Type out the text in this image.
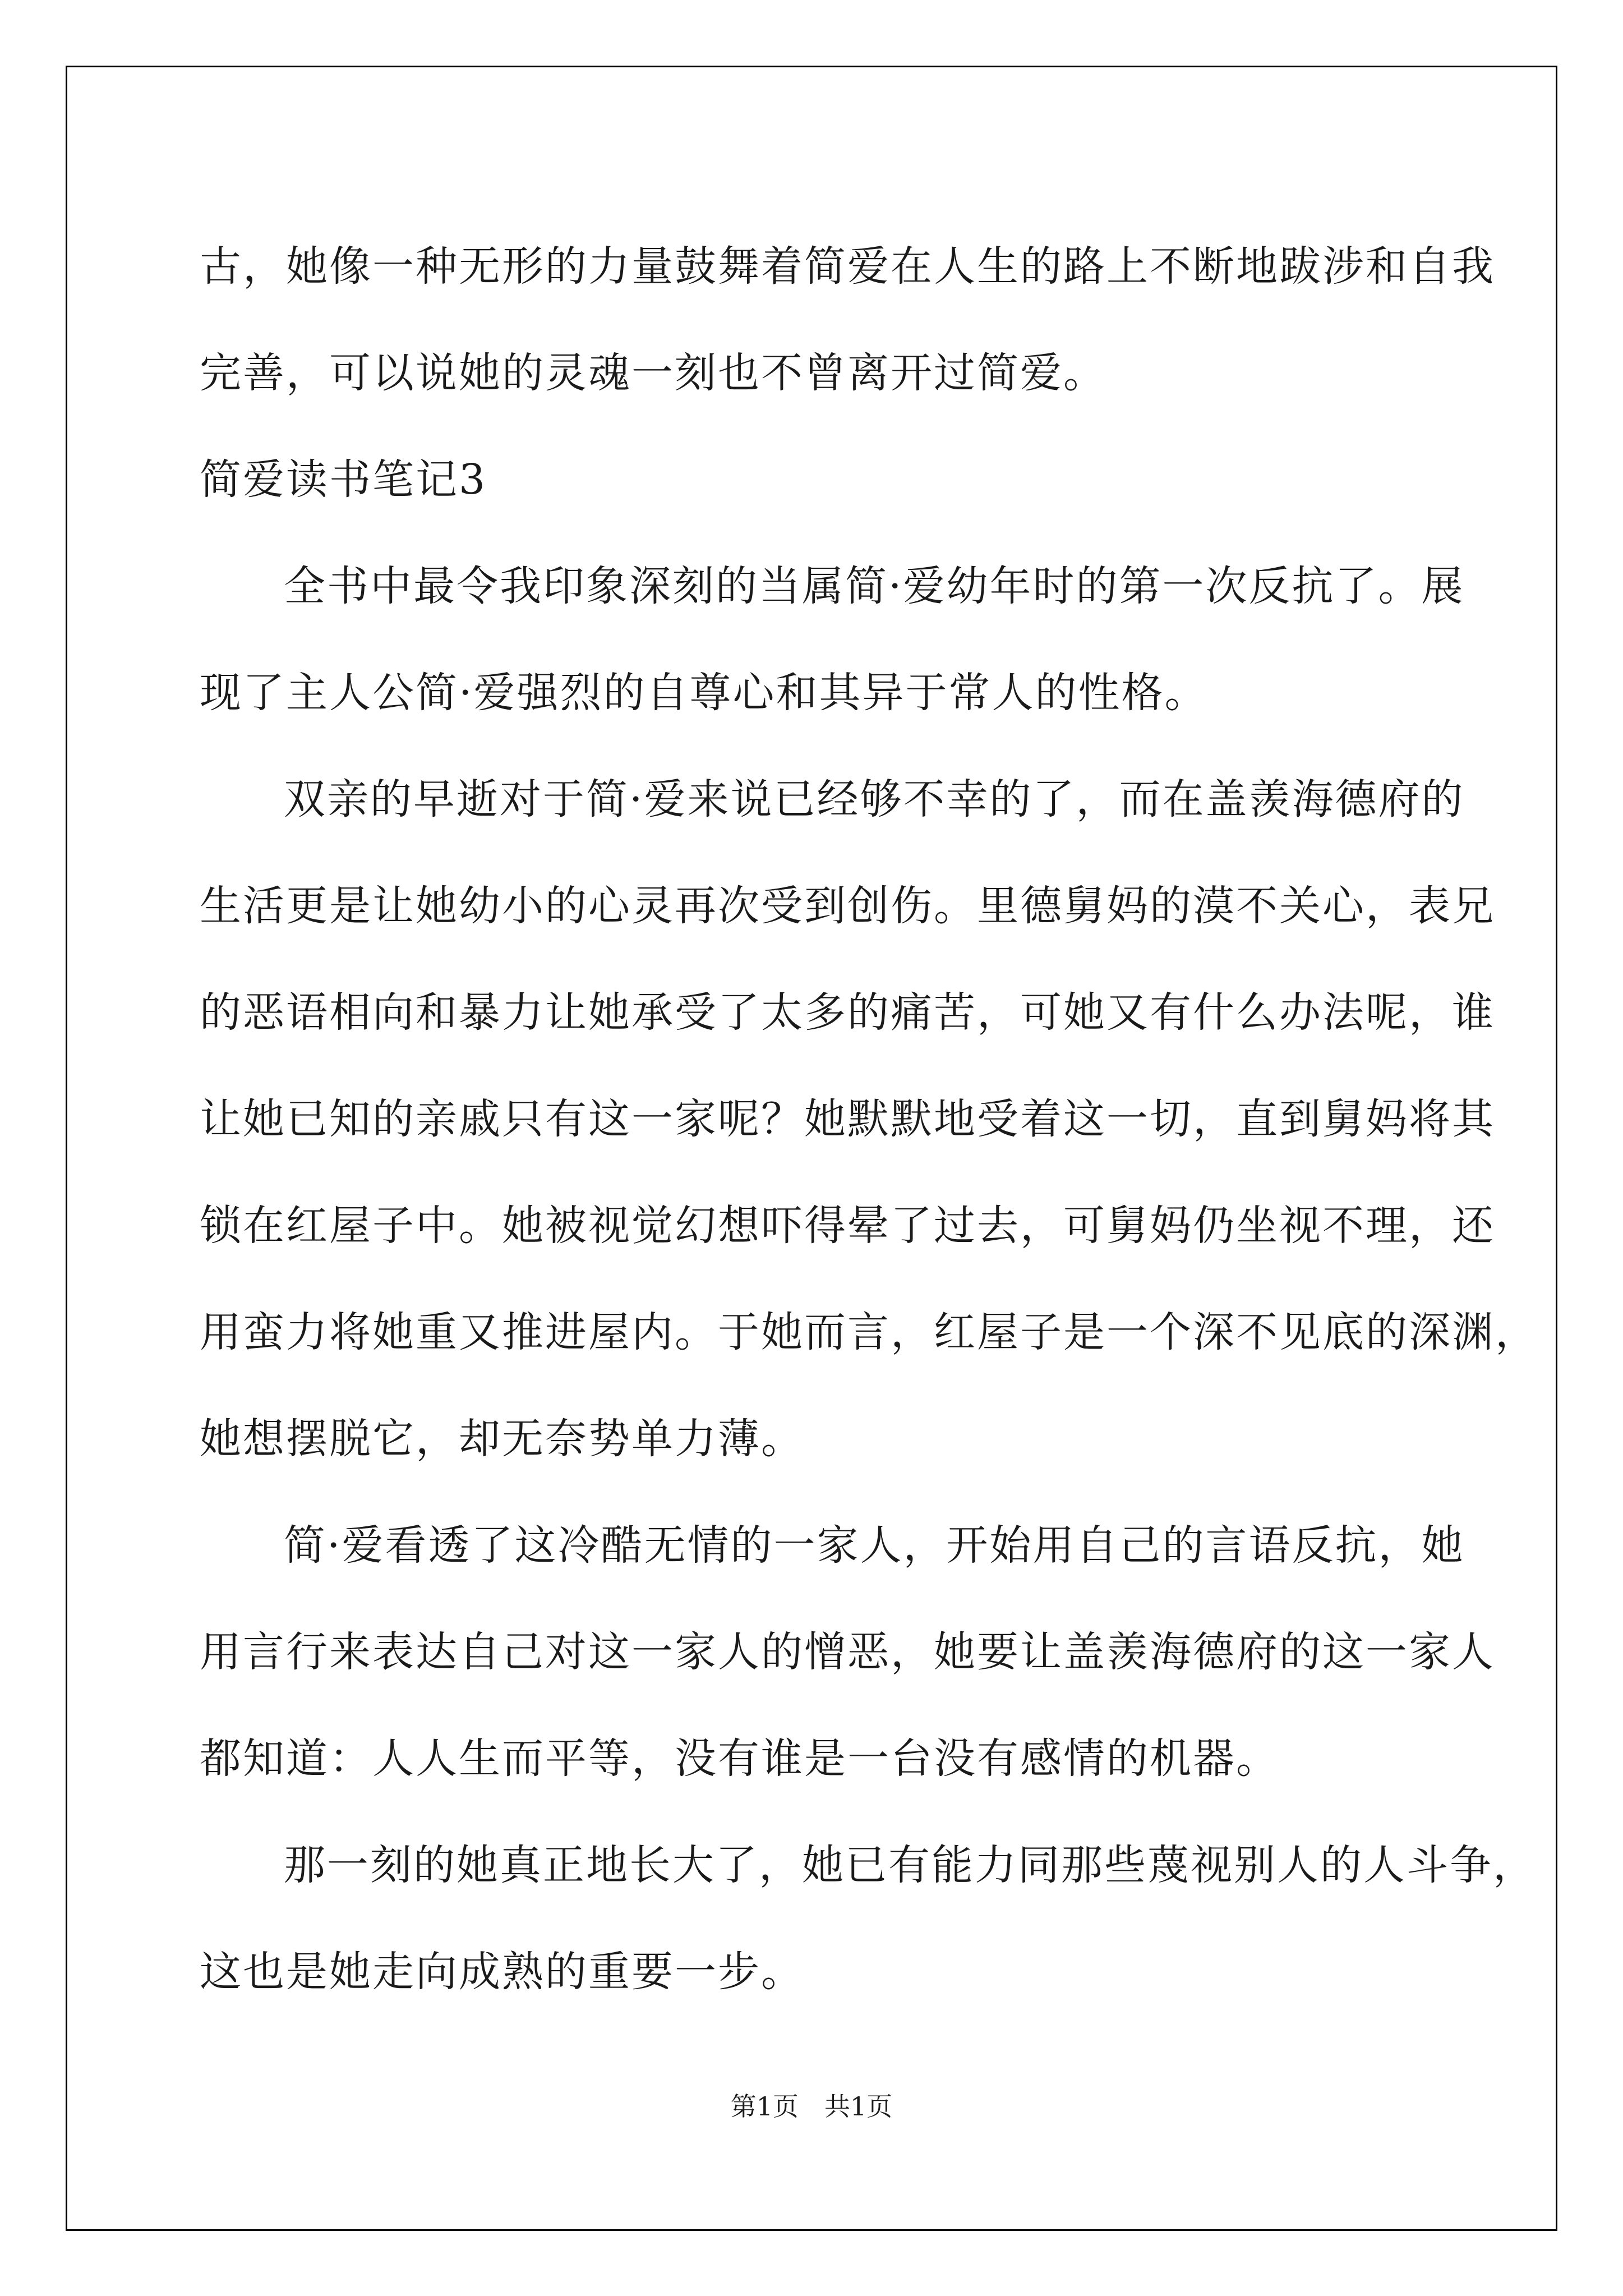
古，她像一种无形的力量鼓舞着简爱在人生的路上不断地跋涉和自我
完善，可以说她的灵魂一刻也不曾离开过简爱。
简爱读书笔记3
全书中最令我印象深刻的当属简·爱幼年时的第一次反抗了。展
现了主人公简·爱强烈的自尊心和其异于常人的性格。
双亲的早逝对于简·爱来说已经够不幸的了，而在盖羡海德府的
生活更是让她幼小的心灵再次受到创伤。里德舅妈的漠不关心，表兄
的恶语相向和暴力让她承受了太多的痛苦，可她又有什么办法呢，谁
让她已知的亲戚只有这一家呢？她默默地受着这一切，直到舅妈将其
锁在红屋子中。她被视觉幻想吓得晕了过去，可舅妈仍坐视不理，还
用蛮力将她重又推进屋内。于她而言，红屋子是一个深不见底的深渊，
她想摆脱它，却无奈势单力薄。
简·爱看透了这冷酷无情的一家人，开始用自己的言语反抗，她
用言行来表达自己对这一家人的憎恶，她要让盖羡海德府的这一家人
都知道：人人生而平等，没有谁是一台没有感情的机器。
那一刻的她真正地长大了，她已有能力同那些蔑视别人的人斗争，
这也是她走向成熟的重要一步。
第1页　共1页
